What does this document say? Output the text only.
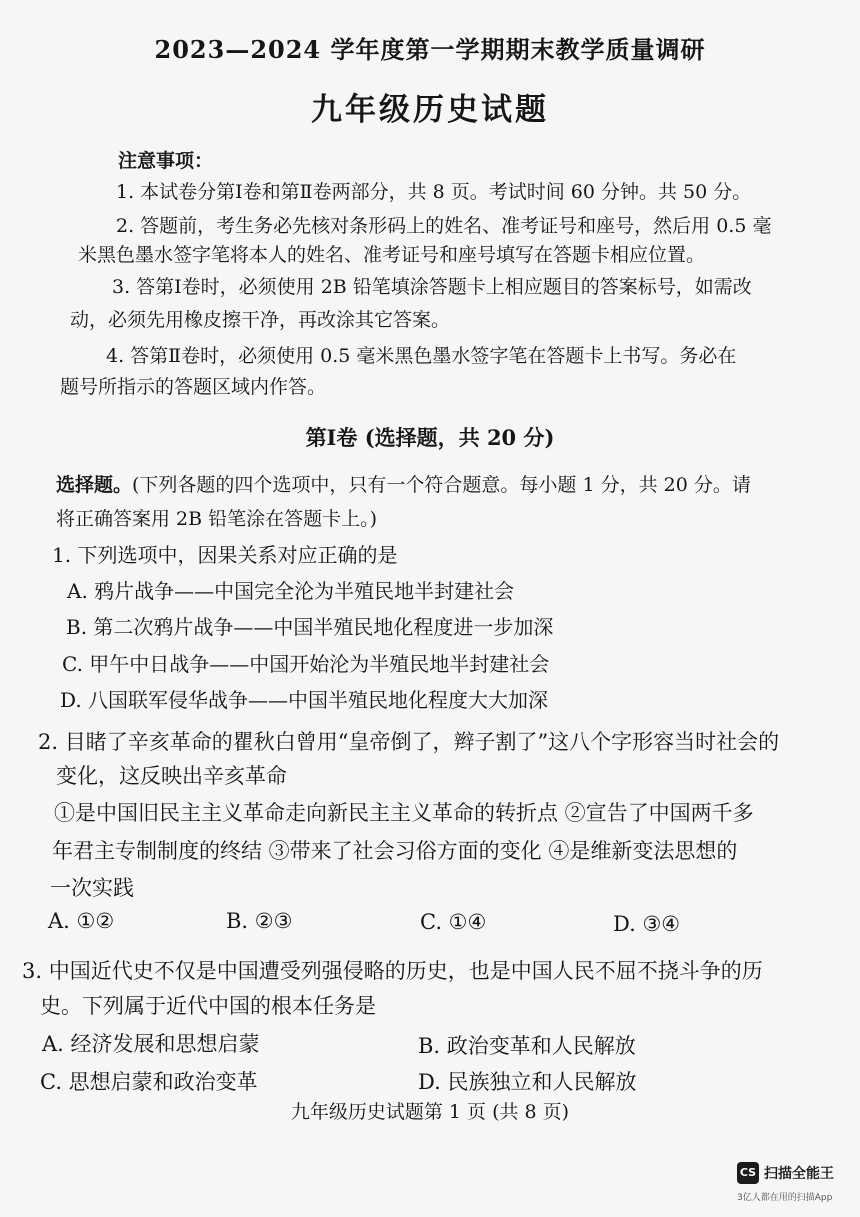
2023—2024 学年度第一学期期末教学质量调研
九年级历史试题
注意事项：
1. 本试卷分第Ⅰ卷和第Ⅱ卷两部分，共 8 页。考试时间 60 分钟。共 50 分。
2. 答题前，考生务必先核对条形码上的姓名、准考证号和座号，然后用 0.5 毫
米黑色墨水签字笔将本人的姓名、准考证号和座号填写在答题卡相应位置。
3. 答第Ⅰ卷时，必须使用 2B 铅笔填涂答题卡上相应题目的答案标号，如需改
动，必须先用橡皮擦干净，再改涂其它答案。
4. 答第Ⅱ卷时，必须使用 0.5 毫米黑色墨水签字笔在答题卡上书写。务必在
题号所指示的答题区域内作答。
第Ⅰ卷 (选择题，共 20 分)
选择题。(下列各题的四个选项中，只有一个符合题意。每小题 1 分，共 20 分。请
将正确答案用 2B 铅笔涂在答题卡上。)
1. 下列选项中，因果关系对应正确的是
A. 鸦片战争——中国完全沦为半殖民地半封建社会
B. 第二次鸦片战争——中国半殖民地化程度进一步加深
C. 甲午中日战争——中国开始沦为半殖民地半封建社会
D. 八国联军侵华战争——中国半殖民地化程度大大加深
2. 目睹了辛亥革命的瞿秋白曾用“皇帝倒了，辫子割了”这八个字形容当时社会的
变化，这反映出辛亥革命
①是中国旧民主主义革命走向新民主主义革命的转折点 ②宣告了中国两千多
年君主专制制度的终结 ③带来了社会习俗方面的变化 ④是维新变法思想的
一次实践
A. ①②	B. ②③	C. ①④	D. ③④
3. 中国近代史不仅是中国遭受列强侵略的历史，也是中国人民不屈不挠斗争的历
史。下列属于近代中国的根本任务是
A. 经济发展和思想启蒙	B. 政治变革和人民解放
C. 思想启蒙和政治变革	D. 民族独立和人民解放
九年级历史试题第 1 页 (共 8 页)
CS 扫描全能王
3亿人都在用的扫描App
